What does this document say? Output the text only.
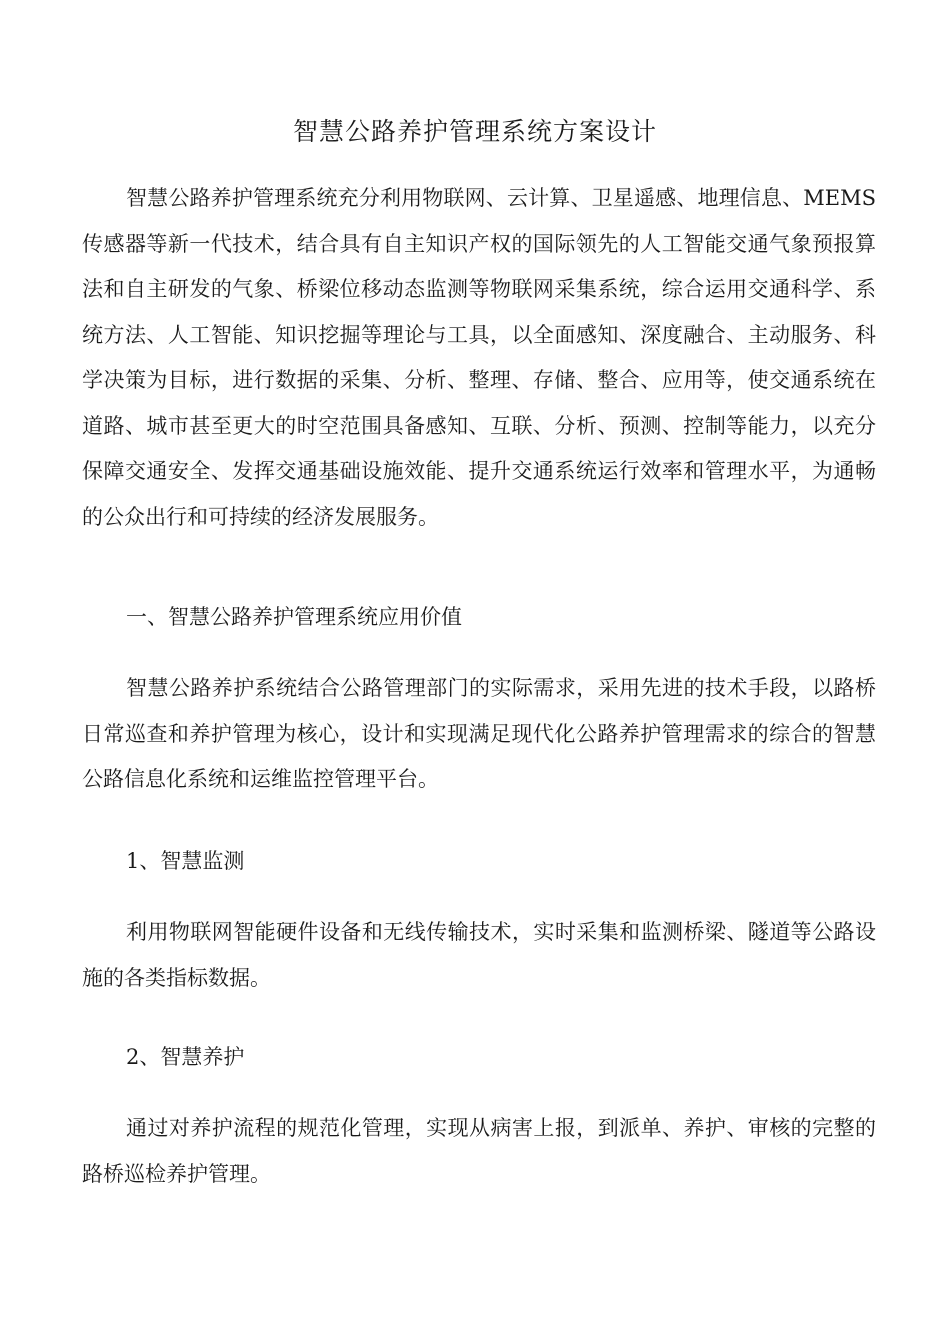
智慧公路养护管理系统方案设计

智慧公路养护管理系统充分利用物联网、云计算、卫星遥感、地理信息、MEMS传感器等新一代技术，结合具有自主知识产权的国际领先的人工智能交通气象预报算法和自主研发的气象、桥梁位移动态监测等物联网采集系统，综合运用交通科学、系统方法、人工智能、知识挖掘等理论与工具，以全面感知、深度融合、主动服务、科学决策为目标，进行数据的采集、分析、整理、存储、整合、应用等，使交通系统在道路、城市甚至更大的时空范围具备感知、互联、分析、预测、控制等能力，以充分保障交通安全、发挥交通基础设施效能、提升交通系统运行效率和管理水平，为通畅的公众出行和可持续的经济发展服务。

一、智慧公路养护管理系统应用价值

智慧公路养护系统结合公路管理部门的实际需求，采用先进的技术手段，以路桥日常巡查和养护管理为核心，设计和实现满足现代化公路养护管理需求的综合的智慧公路信息化系统和运维监控管理平台。

1、智慧监测

利用物联网智能硬件设备和无线传输技术，实时采集和监测桥梁、隧道等公路设施的各类指标数据。

2、智慧养护

通过对养护流程的规范化管理，实现从病害上报，到派单、养护、审核的完整的路桥巡检养护管理。
